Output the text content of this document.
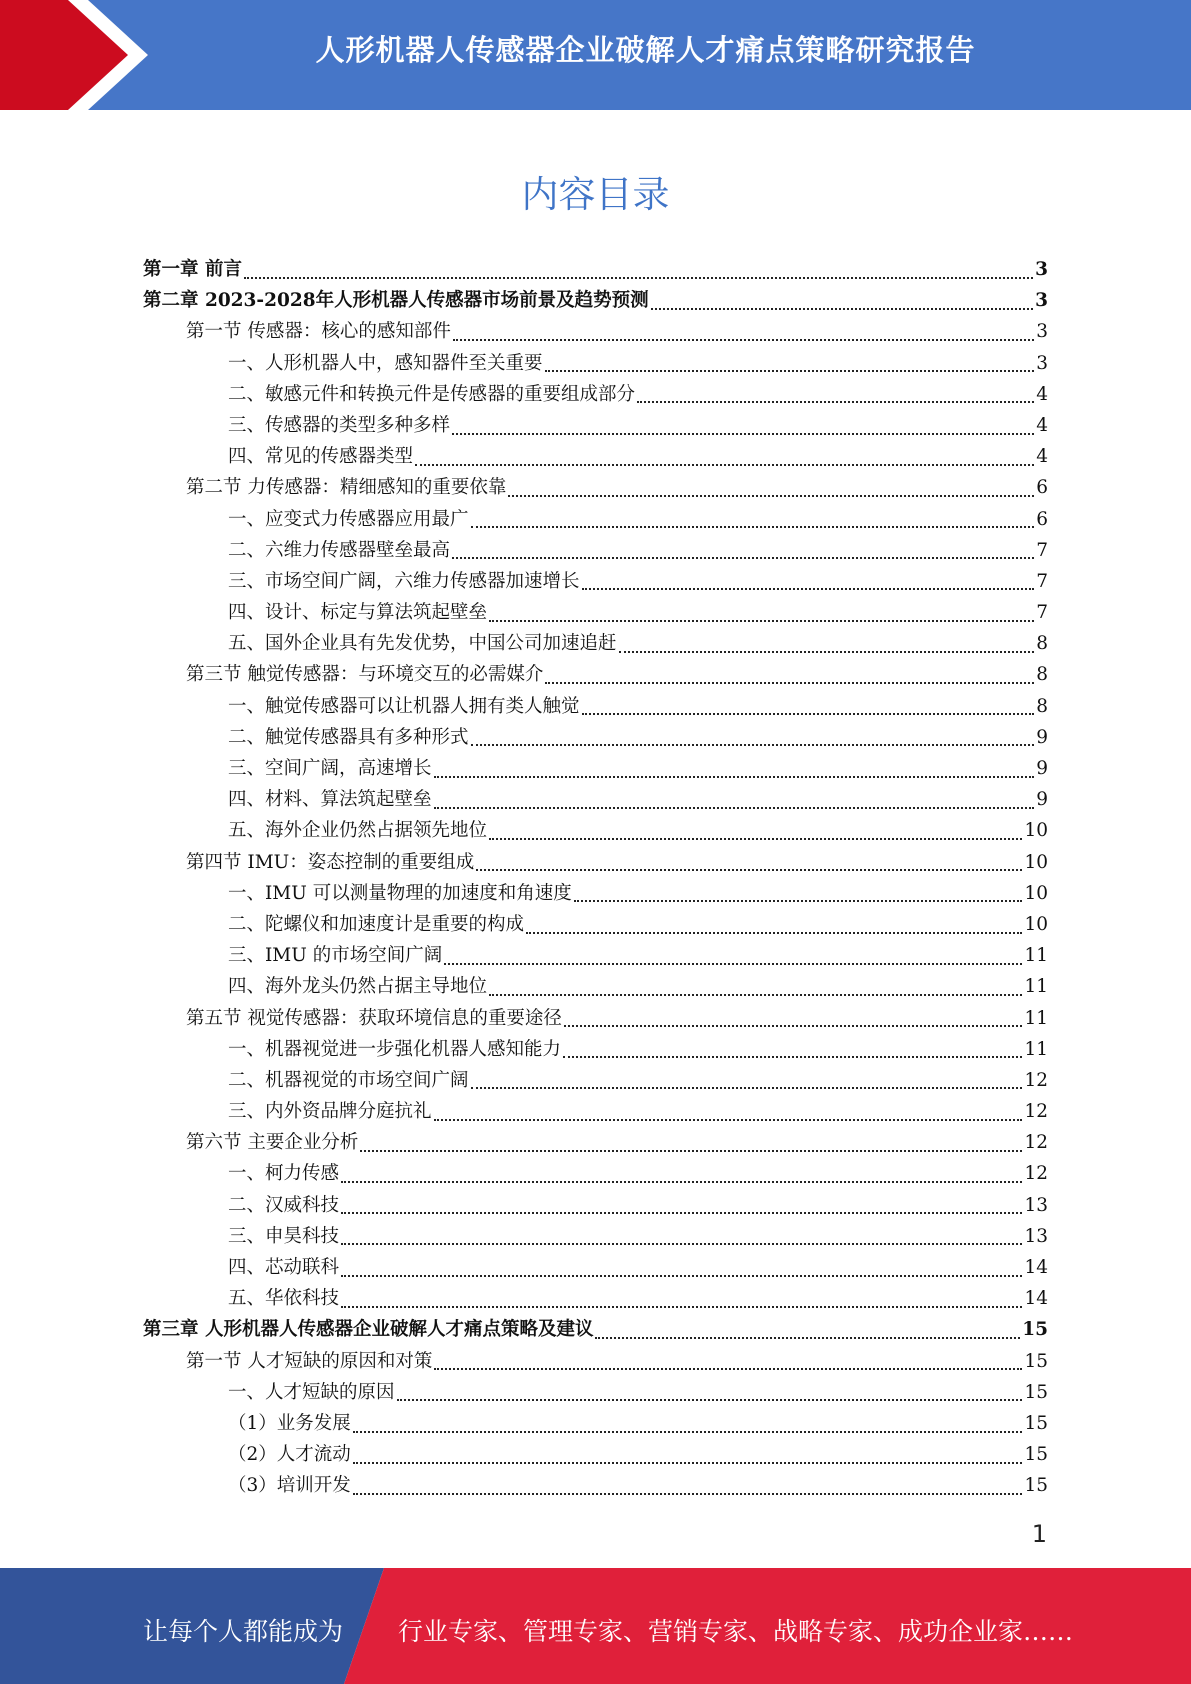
人形机器人传感器企业破解人才痛点策略研究报告
内容目录
第一章 前言	3
第二章 2023-2028年人形机器人传感器市场前景及趋势预测	3
第一节 传感器：核心的感知部件	3
一、人形机器人中，感知器件至关重要	3
二、敏感元件和转换元件是传感器的重要组成部分	4
三、传感器的类型多种多样	4
四、常见的传感器类型	4
第二节 力传感器：精细感知的重要依靠	6
一、应变式力传感器应用最广	6
二、六维力传感器壁垒最高	7
三、市场空间广阔，六维力传感器加速增长	7
四、设计、标定与算法筑起壁垒	7
五、国外企业具有先发优势，中国公司加速追赶	8
第三节 触觉传感器：与环境交互的必需媒介	8
一、触觉传感器可以让机器人拥有类人触觉	8
二、触觉传感器具有多种形式	9
三、空间广阔，高速增长	9
四、材料、算法筑起壁垒	9
五、海外企业仍然占据领先地位	10
第四节 IMU：姿态控制的重要组成	10
一、IMU 可以测量物理的加速度和角速度	10
二、陀螺仪和加速度计是重要的构成	10
三、IMU 的市场空间广阔	11
四、海外龙头仍然占据主导地位	11
第五节 视觉传感器：获取环境信息的重要途径	11
一、机器视觉进一步强化机器人感知能力	11
二、机器视觉的市场空间广阔	12
三、内外资品牌分庭抗礼	12
第六节 主要企业分析	12
一、柯力传感	12
二、汉威科技	13
三、申昊科技	13
四、芯动联科	14
五、华依科技	14
第三章 人形机器人传感器企业破解人才痛点策略及建议	15
第一节 人才短缺的原因和对策	15
一、人才短缺的原因	15
（1）业务发展	15
（2）人才流动	15
（3）培训开发	15
1
让每个人都能成为 行业专家、管理专家、营销专家、战略专家、成功企业家……
